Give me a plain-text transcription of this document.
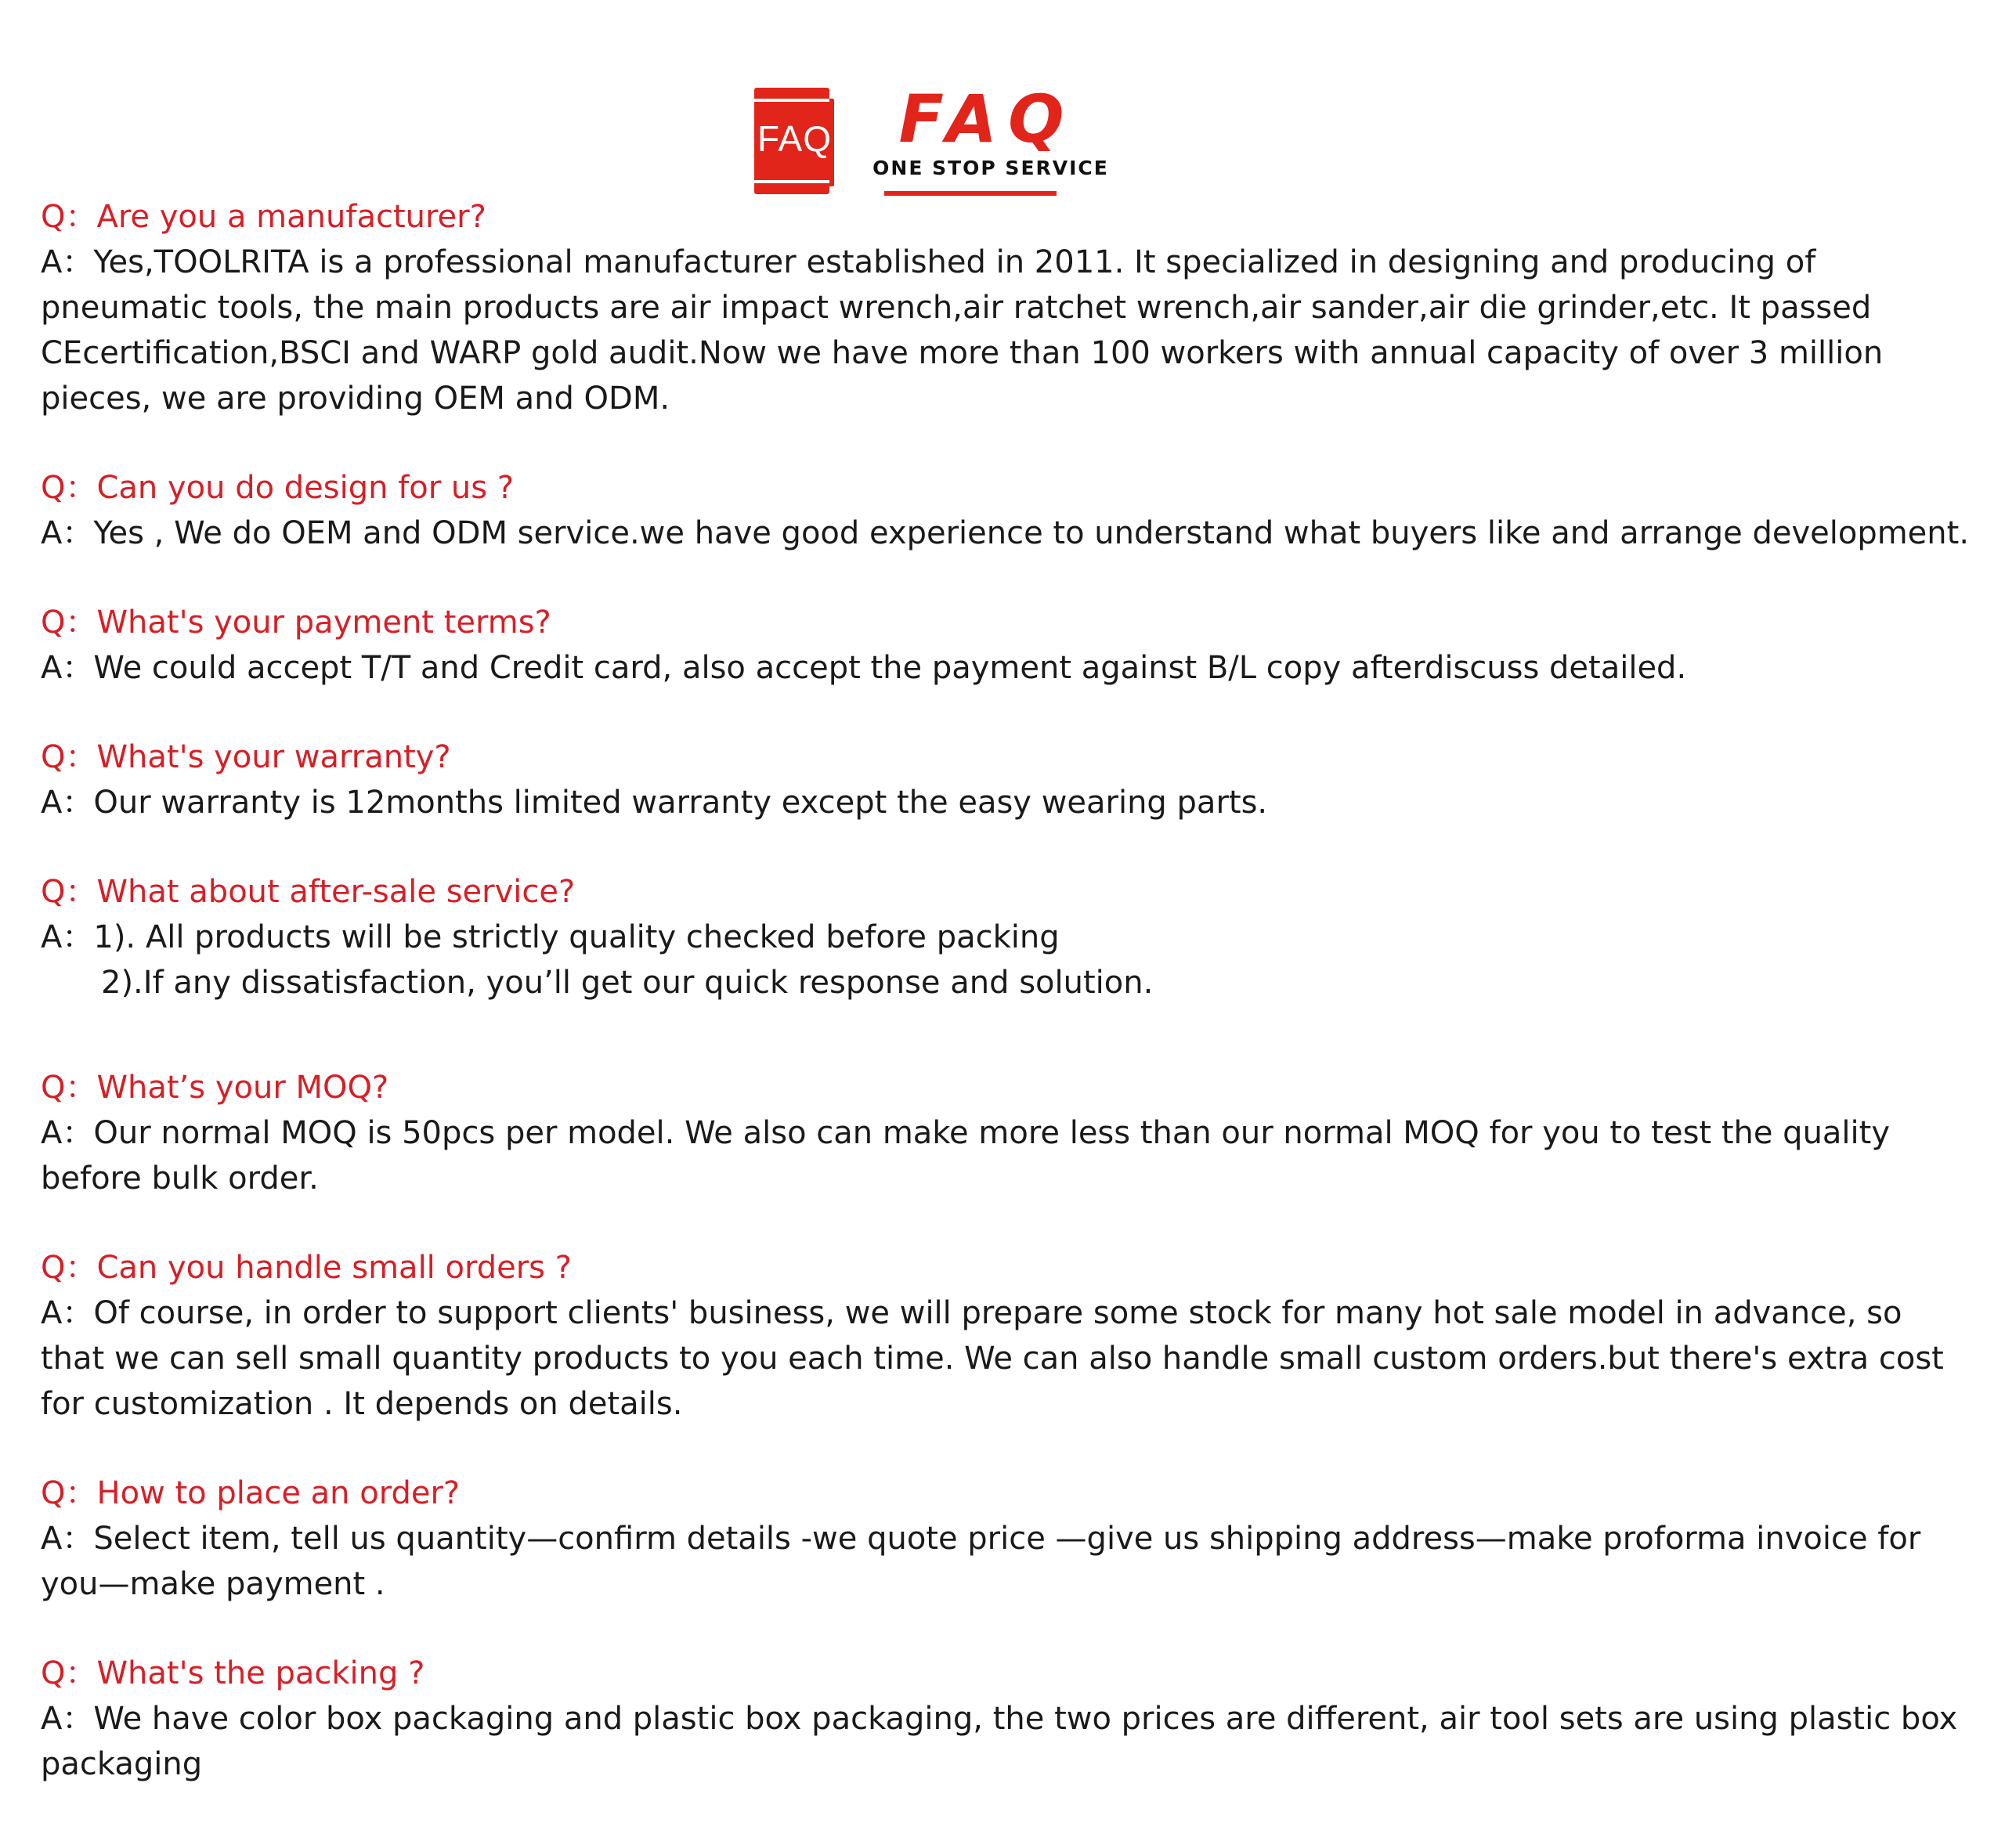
FAQ	FAQ
ONE STOP SERVICE
Q： Are you a manufacturer?
A：Yes,TOOLRITA is a professional manufacturer established in 2011. It specialized in designing and producing of pneumatic tools, the main products are air impact wrench,air ratchet wrench,air sander,air die grinder,etc. It passed CEcertification,BSCI and WARP gold audit.Now we have more than 100 workers with annual capacity of over 3 million pieces, we are providing OEM and ODM.
Q： Can you do design for us ?
A：Yes , We do OEM and ODM service.we have good experience to understand what buyers like and arrange development.
Q： What's your payment terms?
A：We could accept T/T and Credit card, also accept the payment against B/L copy afterdiscuss detailed.
Q： What's your warranty?
A：Our warranty is 12months limited warranty except the easy wearing parts.
Q： What about after-sale service?
A： 1). All products will be strictly quality checked before packing
2).If any dissatisfaction, you’ll get our quick response and solution.
Q： What’s your MOQ?
A：Our normal MOQ is 50pcs per model. We also can make more less than our normal MOQ for you to test the quality before bulk order.
Q： Can you handle small orders ?
A：Of course, in order to support clients' business, we will prepare some stock for many hot sale model in advance, so that we can sell small quantity products to you each time. We can also handle small custom orders.but there's extra cost for customization . It depends on details.
Q： How to place an order?
A：Select item, tell us quantity—confirm details -we quote price —give us shipping address—make proforma invoice for you—make payment .
Q： What's the packing ?
A：We have color box packaging and plastic box packaging, the two prices are different, air tool sets are using plastic box packaging
